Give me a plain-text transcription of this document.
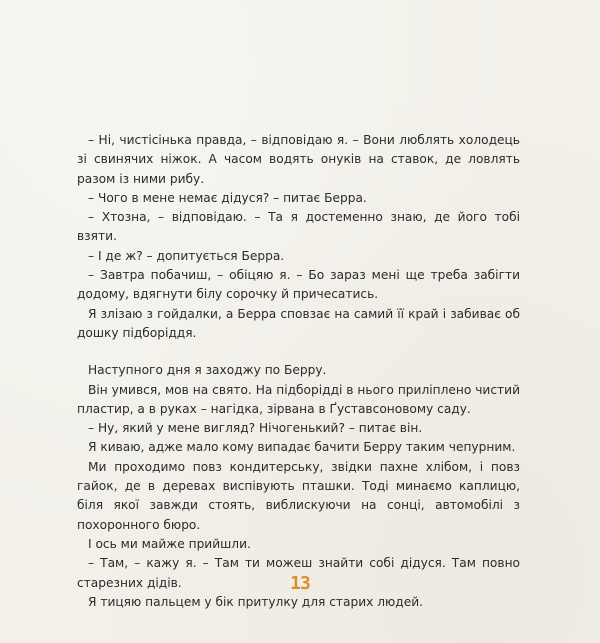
– Ні, чистісінька правда, – відповідаю я. – Вони люблять холодець зі свинячих ніжок. А часом водять онуків на ставок, де ловлять разом із ними рибу.

– Чого в мене немає дідуся? – питає Берра.

– Хтозна, – відповідаю. – Та я достеменно знаю, де його тобі взяти.

– І де ж? – допитується Берра.

– Завтра побачиш, – обіцяю я. – Бо зараз мені ще треба забігти додому, вдягнути білу сорочку й причесатись.

Я злізаю з гойдалки, а Берра сповзає на самий її край і забиває об дошку підборіддя.

Наступного дня я заходжу по Берру.

Він умився, мов на свято. На підборідді в нього приліплено чистий пластир, а в руках – нагідка, зірвана в Ґуставсоновому саду.

– Ну, який у мене вигляд? Нічогенький? – питає він.

Я киваю, адже мало кому випадає бачити Берру таким чепурним.

Ми проходимо повз кондитерську, звідки пахне хлібом, і повз гайок, де в деревах виспівують пташки. Тоді минаємо каплицю, біля якої завжди стоять, виблискуючи на сонці, автомобілі з похоронного бюро.

І ось ми майже прийшли.

– Там, – кажу я. – Там ти можеш знайти собі дідуся. Там повно старезних дідів.

Я тицяю пальцем у бік притулку для старих людей.

13
